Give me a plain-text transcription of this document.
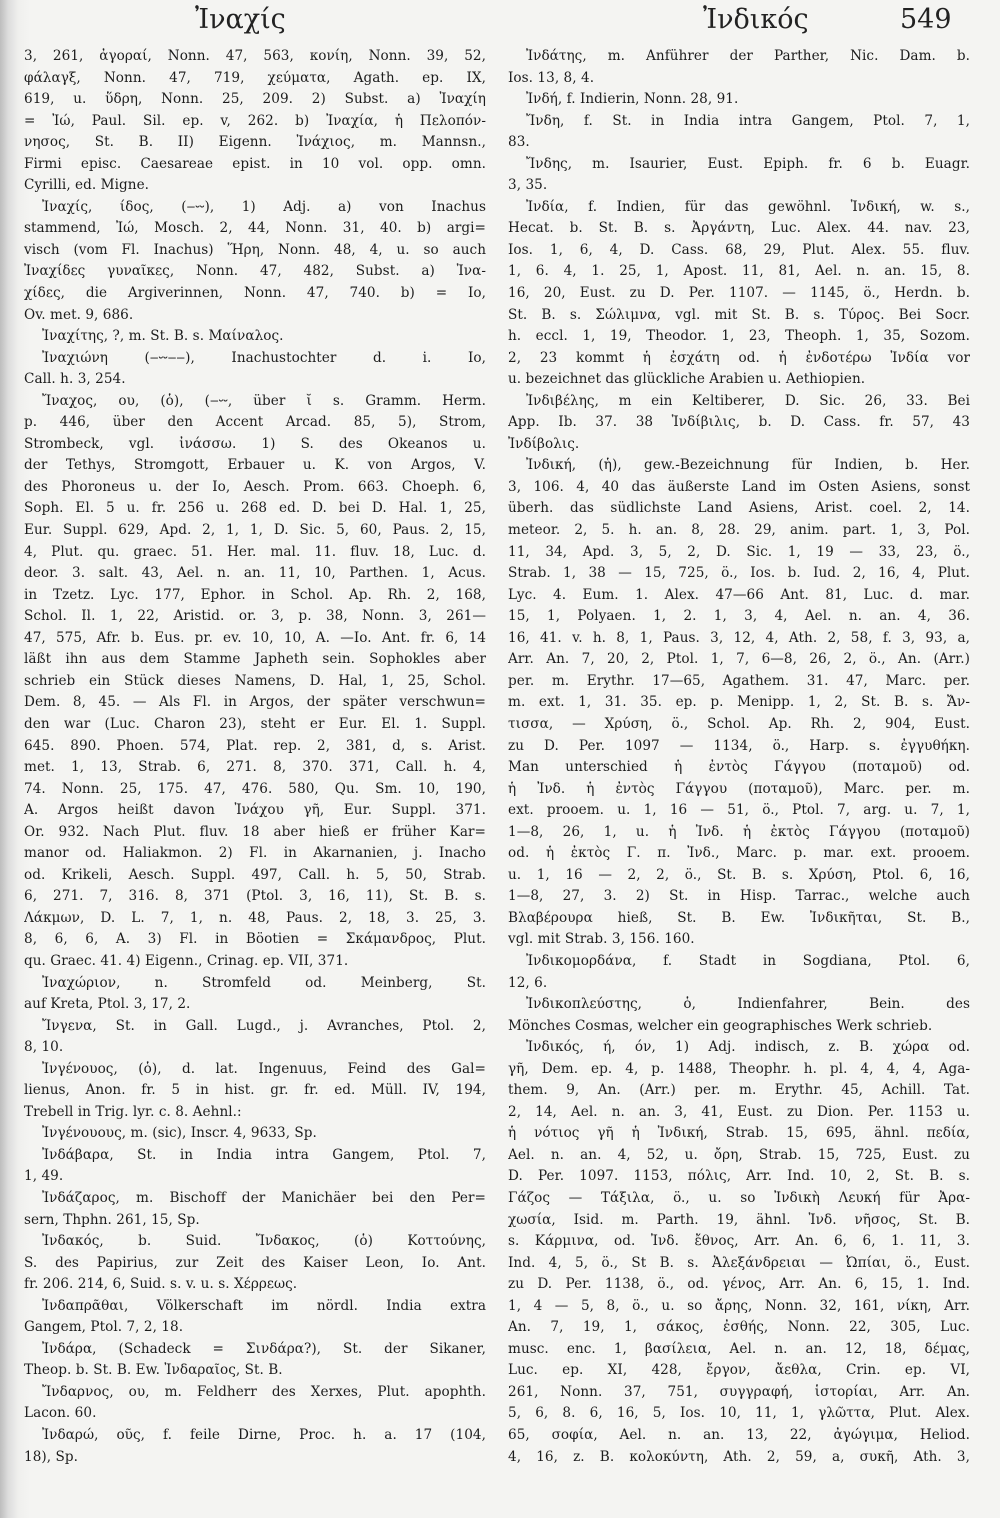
Ἰναχίς	Ἰνδικός	549
3, 261, ἀγοραί, Nonn. 47, 563, κονίη, Nonn. 39, 52,
φάλαγξ, Nonn. 47, 719, χεύματα, Agath. ep. IX,
619, u. ὕδρη, Nonn. 25, 209. 2) Subst. a) Ἰναχίη
= Ἰώ, Paul. Sil. ep. v, 262. b) Ἰναχία, ἡ Πελοπόν-
νησος, St. B. II) Eigenn. Ἰνάχιος, m. Mannsn.,
Firmi episc. Caesareae epist. in 10 vol. opp. omn.
Cyrilli, ed. Migne.
Ἰναχίς, ίδος, (‒⏑⏑), 1) Adj. a) von Inachus
stammend, Ἰώ, Mosch. 2, 44, Nonn. 31, 40. b) argi=
visch (vom Fl. Inachus) Ἥρη, Nonn. 48, 4, u. so auch
Ἰναχίδες γυναῖκες, Nonn. 47, 482, Subst. a) Ἰνα-
χίδες, die Argiverinnen, Nonn. 47, 740. b) = Io,
Ov. met. 9, 686.
Ἰναχίτης, ?, m. St. B. s. Μαίναλος.
Ἰναχιώνη (‒⏑⏑‒‒), Inachustochter d. i. Io,
Call. h. 3, 254.
Ἴναχος, ου, (ὁ), (‒⏑⏑, über ῐ s. Gramm. Herm.
p. 446, über den Accent Arcad. 85, 5), Strom,
Strombeck, vgl. ἰνάσσω. 1) S. des Okeanos u.
der Tethys, Stromgott, Erbauer u. K. von Argos, V.
des Phoroneus u. der Io, Aesch. Prom. 663. Choeph. 6,
Soph. El. 5 u. fr. 256 u. 268 ed. D. bei D. Hal. 1, 25,
Eur. Suppl. 629, Apd. 2, 1, 1, D. Sic. 5, 60, Paus. 2, 15,
4, Plut. qu. graec. 51. Her. mal. 11. fluv. 18, Luc. d.
deor. 3. salt. 43, Ael. n. an. 11, 10, Parthen. 1, Acus.
in Tzetz. Lyc. 177, Ephor. in Schol. Ap. Rh. 2, 168,
Schol. Il. 1, 22, Aristid. or. 3, p. 38, Nonn. 3, 261—
47, 575, Afr. b. Eus. pr. ev. 10, 10, A. —Io. Ant. fr. 6, 14
läßt ihn aus dem Stamme Japheth sein. Sophokles aber
schrieb ein Stück dieses Namens, D. Hal, 1, 25, Schol.
Dem. 8, 45. — Als Fl. in Argos, der später verschwun=
den war (Luc. Charon 23), steht er Eur. El. 1. Suppl.
645. 890. Phoen. 574, Plat. rep. 2, 381, d, s. Arist.
met. 1, 13, Strab. 6, 271. 8, 370. 371, Call. h. 4,
74. Nonn. 25, 175. 47, 476. 580, Qu. Sm. 10, 190,
A. Argos heißt davon Ἰνάχου γῆ, Eur. Suppl. 371.
Or. 932. Nach Plut. fluv. 18 aber hieß er früher Kar=
manor od. Haliakmon. 2) Fl. in Akarnanien, j. Inacho
od. Krikeli, Aesch. Suppl. 497, Call. h. 5, 50, Strab.
6, 271. 7, 316. 8, 371 (Ptol. 3, 16, 11), St. B. s.
Λάκμων, D. L. 7, 1, n. 48, Paus. 2, 18, 3. 25, 3.
8, 6, 6, A. 3) Fl. in Böotien = Σκάμανδρος, Plut.
qu. Graec. 41. 4) Eigenn., Crinag. ep. VII, 371.
Ἰναχώριον, n. Stromfeld od. Meinberg, St.
auf Kreta, Ptol. 3, 17, 2.
Ἴνγενα, St. in Gall. Lugd., j. Avranches, Ptol. 2,
8, 10.
Ἰνγένουος, (ὁ), d. lat. Ingenuus, Feind des Gal=
lienus, Anon. fr. 5 in hist. gr. fr. ed. Müll. IV, 194,
Trebell in Trig. lyr. c. 8. Aehnl.:
Ἰνγένουους, m. (sic), Inscr. 4, 9633, Sp.
Ἰνδάβαρα, St. in India intra Gangem, Ptol. 7,
1, 49.
Ἰνδάζαρος, m. Bischoff der Manichäer bei den Per=
sern, Thphn. 261, 15, Sp.
Ἰνδακός, b. Suid. Ἴνδακος, (ὁ) Κοττούνης,
S. des Papirius, zur Zeit des Kaiser Leon, Io. Ant.
fr. 206. 214, 6, Suid. s. v. u. s. Χέρρεως.
Ἰνδαπρᾶθαι, Völkerschaft im nördl. India extra
Gangem, Ptol. 7, 2, 18.
Ἰνδάρα, (Schadeck = Σινδάρα?), St. der Sikaner,
Theop. b. St. B. Ew. Ἰνδαραῖος, St. B.
Ἴνδαρνος, ου, m. Feldherr des Xerxes, Plut. apophth.
Lacon. 60.
Ἰνδαρώ, οῦς, f. feile Dirne, Proc. h. a. 17 (104,
18), Sp.
Ἰνδάτης, m. Anführer der Parther, Nic. Dam. b.
Ios. 13, 8, 4.
Ἰνδή, f. Indierin, Nonn. 28, 91.
Ἴνδη, f. St. in India intra Gangem, Ptol. 7, 1,
83.
Ἴνδης, m. Isaurier, Eust. Epiph. fr. 6 b. Euagr.
3, 35.
Ἰνδία, f. Indien, für das gewöhnl. Ἰνδική, w. s.,
Hecat. b. St. B. s. Ἀργάντη, Luc. Alex. 44. nav. 23,
Ios. 1, 6, 4, D. Cass. 68, 29, Plut. Alex. 55. fluv.
1, 6. 4, 1. 25, 1, Apost. 11, 81, Ael. n. an. 15, 8.
16, 20, Eust. zu D. Per. 1107. — 1145, ö., Herdn. b.
St. B. s. Σώλιμνα, vgl. mit St. B. s. Τύρος. Bei Socr.
h. eccl. 1, 19, Theodor. 1, 23, Theoph. 1, 35, Sozom.
2, 23 kommt ἡ ἐσχάτη od. ἡ ἐνδοτέρω Ἰνδία vor
u. bezeichnet das glückliche Arabien u. Aethiopien.
Ἰνδιβέλης, m ein Keltiberer, D. Sic. 26, 33. Bei
App. Ib. 37. 38 Ἰνδίβιλις, b. D. Cass. fr. 57, 43
Ἰνδίβολις.
Ἰνδική, (ἡ), gew.-Bezeichnung für Indien, b. Her.
3, 106. 4, 40 das äußerste Land im Osten Asiens, sonst
überh. das südlichste Land Asiens, Arist. coel. 2, 14.
meteor. 2, 5. h. an. 8, 28. 29, anim. part. 1, 3, Pol.
11, 34, Apd. 3, 5, 2, D. Sic. 1, 19 — 33, 23, ö.,
Strab. 1, 38 — 15, 725, ö., Ios. b. Iud. 2, 16, 4, Plut.
Lyc. 4. Eum. 1. Alex. 47—66 Ant. 81, Luc. d. mar.
15, 1, Polyaen. 1, 2. 1, 3, 4, Ael. n. an. 4, 36.
16, 41. v. h. 8, 1, Paus. 3, 12, 4, Ath. 2, 58, f. 3, 93, a,
Arr. An. 7, 20, 2, Ptol. 1, 7, 6—8, 26, 2, ö., An. (Arr.)
per. m. Erythr. 17—65, Agathem. 31. 47, Marc. per.
m. ext. 1, 31. 35. ep. p. Menipp. 1, 2, St. B. s. Ἄν-
τισσα, — Χρύση, ö., Schol. Ap. Rh. 2, 904, Eust.
zu D. Per. 1097 — 1134, ö., Harp. s. ἐγγυθήκη.
Man unterschied ἡ ἐντὸς Γάγγου (ποταμοῦ) od.
ἡ Ἰνδ. ἡ ἐντὸς Γάγγου (ποταμοῦ), Marc. per. m.
ext. prooem. u. 1, 16 — 51, ö., Ptol. 7, arg. u. 7, 1,
1—8, 26, 1, u. ἡ Ἰνδ. ἡ ἐκτὸς Γάγγου (ποταμοῦ)
od. ἡ ἐκτὸς Γ. π. Ἰνδ., Marc. p. mar. ext. prooem.
u. 1, 16 — 2, 2, ö., St. B. s. Χρύση, Ptol. 6, 16,
1—8, 27, 3. 2) St. in Hisp. Tarrac., welche auch
Βλαβέρουρα hieß, St. B. Ew. Ἰνδικῆται, St. B.,
vgl. mit Strab. 3, 156. 160.
Ἰνδικομορδάνα, f. Stadt in Sogdiana, Ptol. 6,
12, 6.
Ἰνδικοπλεύστης, ὁ, Indienfahrer, Bein. des
Mönches Cosmas, welcher ein geographisches Werk schrieb.
Ἰνδικός, ή, όν, 1) Adj. indisch, z. B. χώρα od.
γῆ, Dem. ep. 4, p. 1488, Theophr. h. pl. 4, 4, 4, Aga-
them. 9, An. (Arr.) per. m. Erythr. 45, Achill. Tat.
2, 14, Ael. n. an. 3, 41, Eust. zu Dion. Per. 1153 u.
ἡ νότιος γῆ ἡ Ἰνδική, Strab. 15, 695, ähnl. πεδία,
Ael. n. an. 4, 52, u. ὄρη, Strab. 15, 725, Eust. zu
D. Per. 1097. 1153, πόλις, Arr. Ind. 10, 2, St. B. s.
Γάζος — Τάξιλα, ö., u. so Ἰνδικὴ Λευκή für Ἀρα-
χωσία, Isid. m. Parth. 19, ähnl. Ἰνδ. νῆσος, St. B.
s. Κάρμινα, od. Ἰνδ. ἔθνος, Arr. An. 6, 6, 1. 11, 3.
Ind. 4, 5, ö., St B. s. Ἀλεξάνδρειαι — Ὠπίαι, ö., Eust.
zu D. Per. 1138, ö., od. γένος, Arr. An. 6, 15, 1. Ind.
1, 4 — 5, 8, ö., u. so ἄρης, Nonn. 32, 161, νίκη, Arr.
An. 7, 19, 1, σάκος, ἐσθής, Nonn. 22, 305, Luc.
musc. enc. 1, βασίλεια, Ael. n. an. 12, 18, δέμας,
Luc. ep. XI, 428, ἔργον, ἄεθλα, Crin. ep. VI,
261, Nonn. 37, 751, συγγραφή, ἱστορίαι, Arr. An.
5, 6, 8. 6, 16, 5, Ios. 10, 11, 1, γλῶττα, Plut. Alex.
65, σοφία, Ael. n. an. 13, 22, ἀγώγιμα, Heliod.
4, 16, z. B. κολοκύντη, Ath. 2, 59, a, συκῆ, Ath. 3,
